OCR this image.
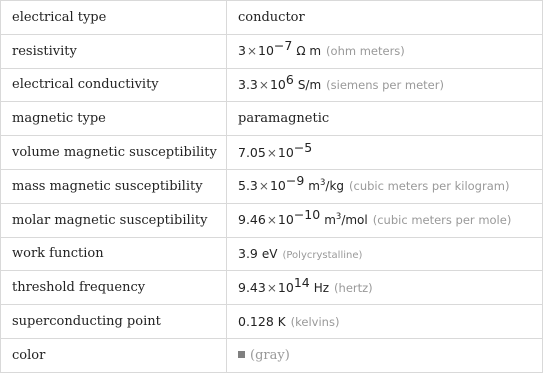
electrical type	conductor
resistivity	$3\times 10^{-7}$ Ω m (ohm meters)
electrical conductivity	$3.3\times 10^6$ S/m (siemens per meter)
magnetic type	paramagnetic
volume magnetic susceptibility	$7.05\times 10^{-5}$
mass magnetic susceptibility	$5.3\times 10^{-9}$ $m^3/kg$ (cubic meters per kilogram)
molar magnetic susceptibility	$9.46\times 10^{-10}$ $m^3$/mol (cubic meters per mole)
work function	3.9 eV (Polycrystalline)
threshold frequency	$9.43\times 10^{14}$ Hz (hertz)
superconducting point	0.128 K (kelvins)
color	(gray)
